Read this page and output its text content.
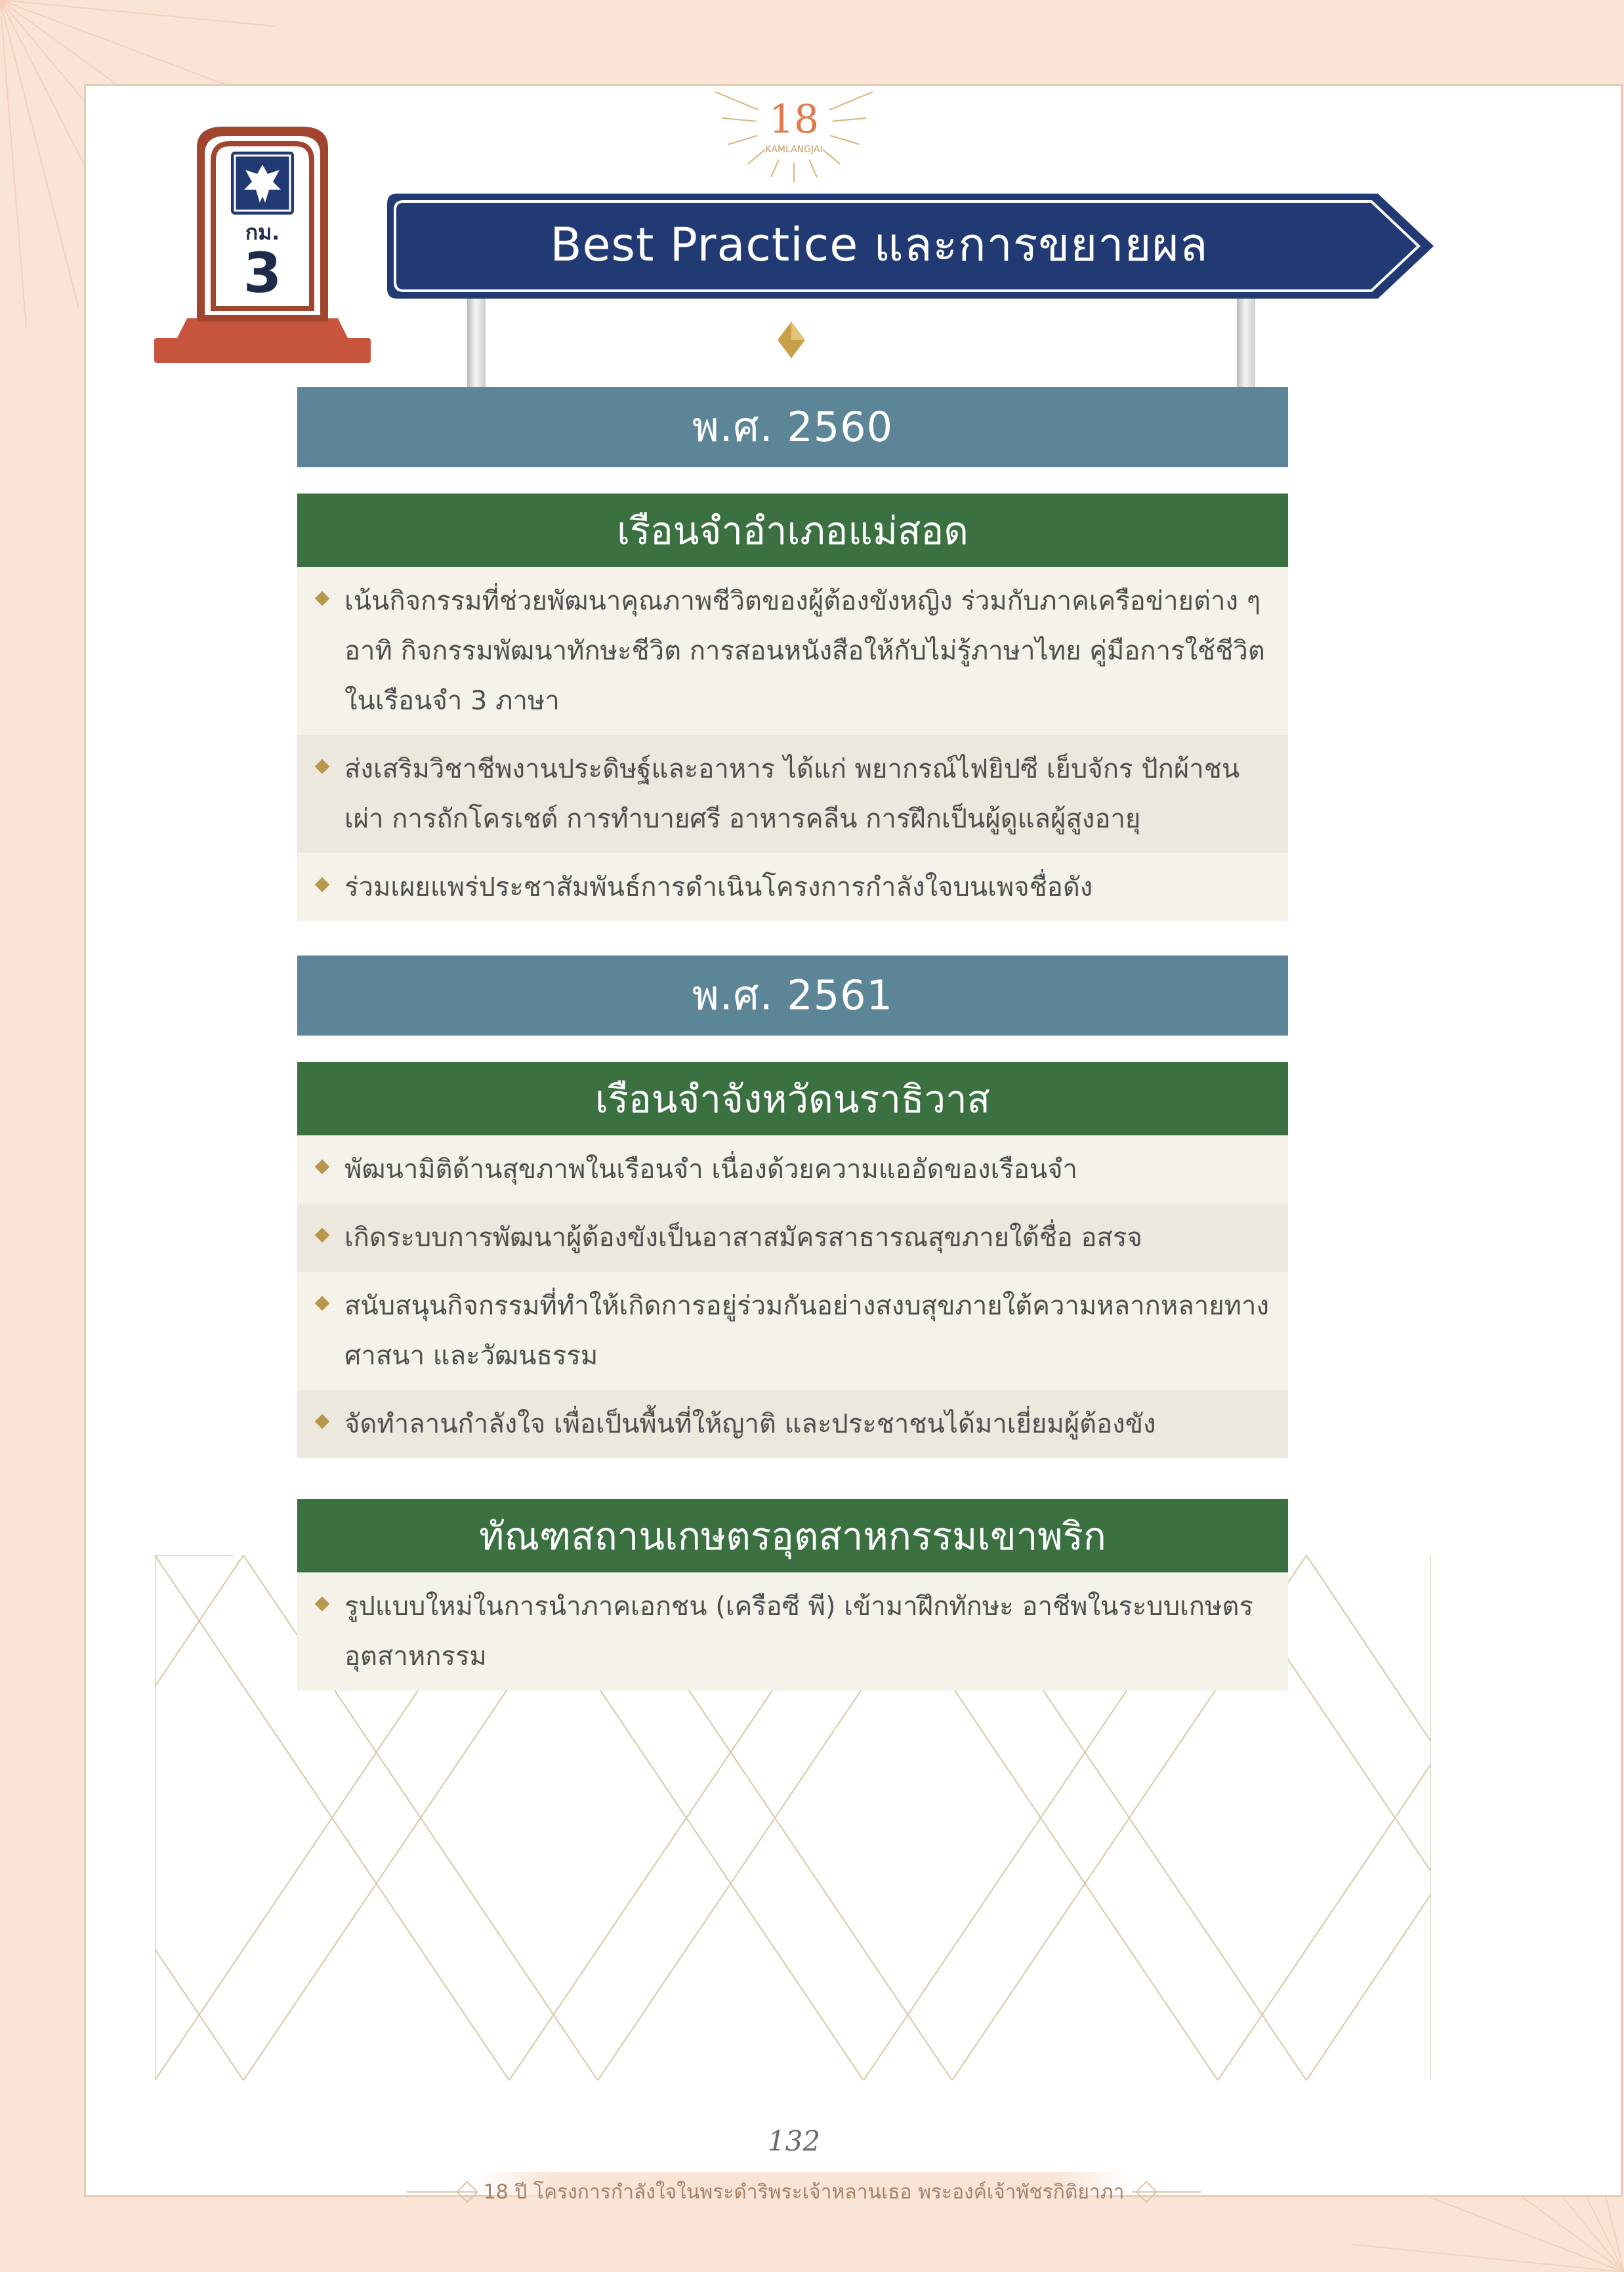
18
KAMLANGJAI
กม.
3	Best Practice และการขยายผล
พ.ศ. 2560
เรือนจำอำเภอแม่สอด
เน้นกิจกรรมที่ช่วยพัฒนาคุณภาพชีวิตของผู้ต้องขังหญิง ร่วมกับภาคเครือข่ายต่าง ๆ อาทิ กิจกรรมพัฒนาทักษะชีวิต การสอนหนังสือให้กับไม่รู้ภาษาไทย คู่มือการใช้ชีวิตในเรือนจำ 3 ภาษา
ส่งเสริมวิชาชีพงานประดิษฐ์และอาหาร ได้แก่ พยากรณ์ไฟยิปซี เย็บจักร ปักผ้าชนเผ่า การถักโครเชต์ การทำบายศรี อาหารคลีน การฝึกเป็นผู้ดูแลผู้สูงอายุ
ร่วมเผยแพร่ประชาสัมพันธ์การดำเนินโครงการกำลังใจบนเพจชื่อดัง
พ.ศ. 2561
เรือนจำจังหวัดนราธิวาส
พัฒนามิติด้านสุขภาพในเรือนจำ เนื่องด้วยความแออัดของเรือนจำ
เกิดระบบการพัฒนาผู้ต้องขังเป็นอาสาสมัครสาธารณสุขภายใต้ชื่อ อสรจ
สนับสนุนกิจกรรมที่ทำให้เกิดการอยู่ร่วมกันอย่างสงบสุขภายใต้ความหลากหลายทางศาสนา และวัฒนธรรม
จัดทำลานกำลังใจ เพื่อเป็นพื้นที่ให้ญาติ และประชาชนได้มาเยี่ยมผู้ต้องขัง
ทัณฑสถานเกษตรอุตสาหกรรมเขาพริก
รูปแบบใหม่ในการนำภาคเอกชน (เครือซี พี) เข้ามาฝึกทักษะ อาชีพในระบบเกษตรอุตสาหกรรม
132
18 ปี โครงการกำลังใจในพระดำริพระเจ้าหลานเธอ พระองค์เจ้าพัชรกิติยาภา
